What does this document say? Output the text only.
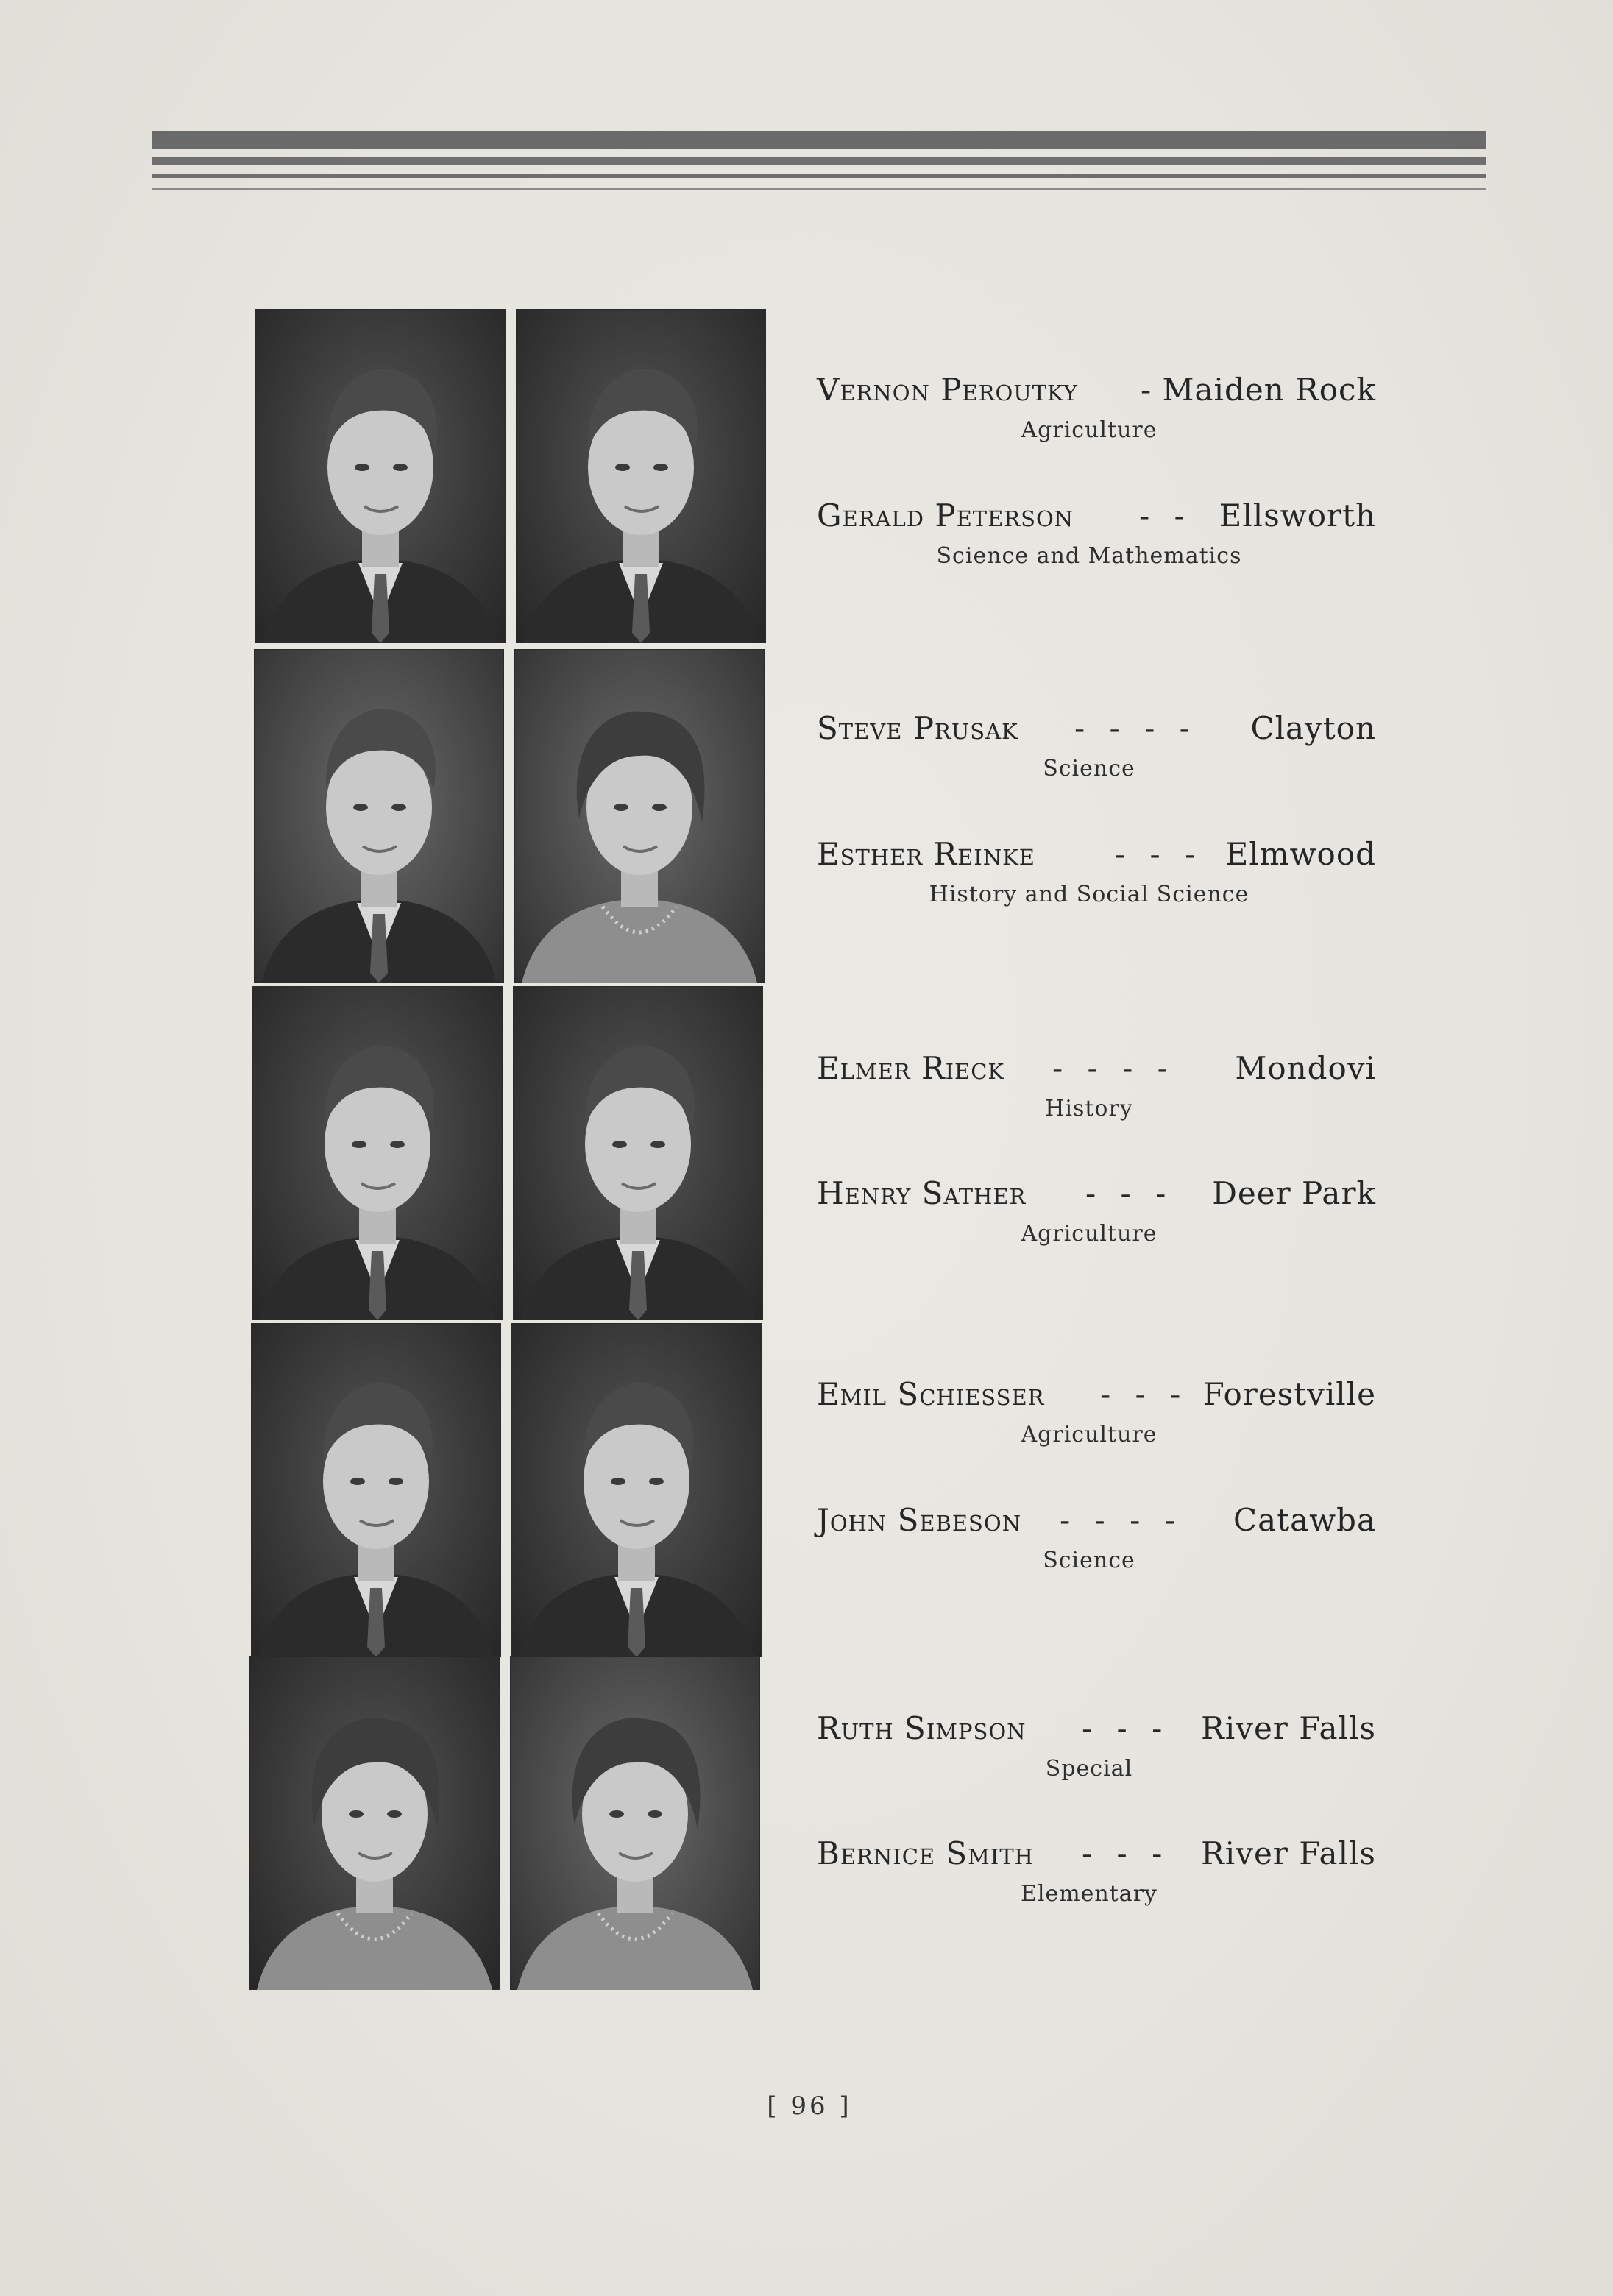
Vernon Peroutky - Maiden Rock
Agriculture
Gerald Peterson - - Ellsworth
Science and Mathematics
Steve Prusak - - - - Clayton
Science
Esther Reinke	- - - Elmwood
History and Social Science
Elmer Rieck - - - - Mondovi
History
Henry Sather - - - Deer Park
Agriculture
Emil Schiesser - - - Forestville
Agriculture
John Sebeson - - - - Catawba
Science
Ruth Simpson - - - River Falls
Special
Bernice Smith - - - River Falls
Elementary
[ 96 ]
